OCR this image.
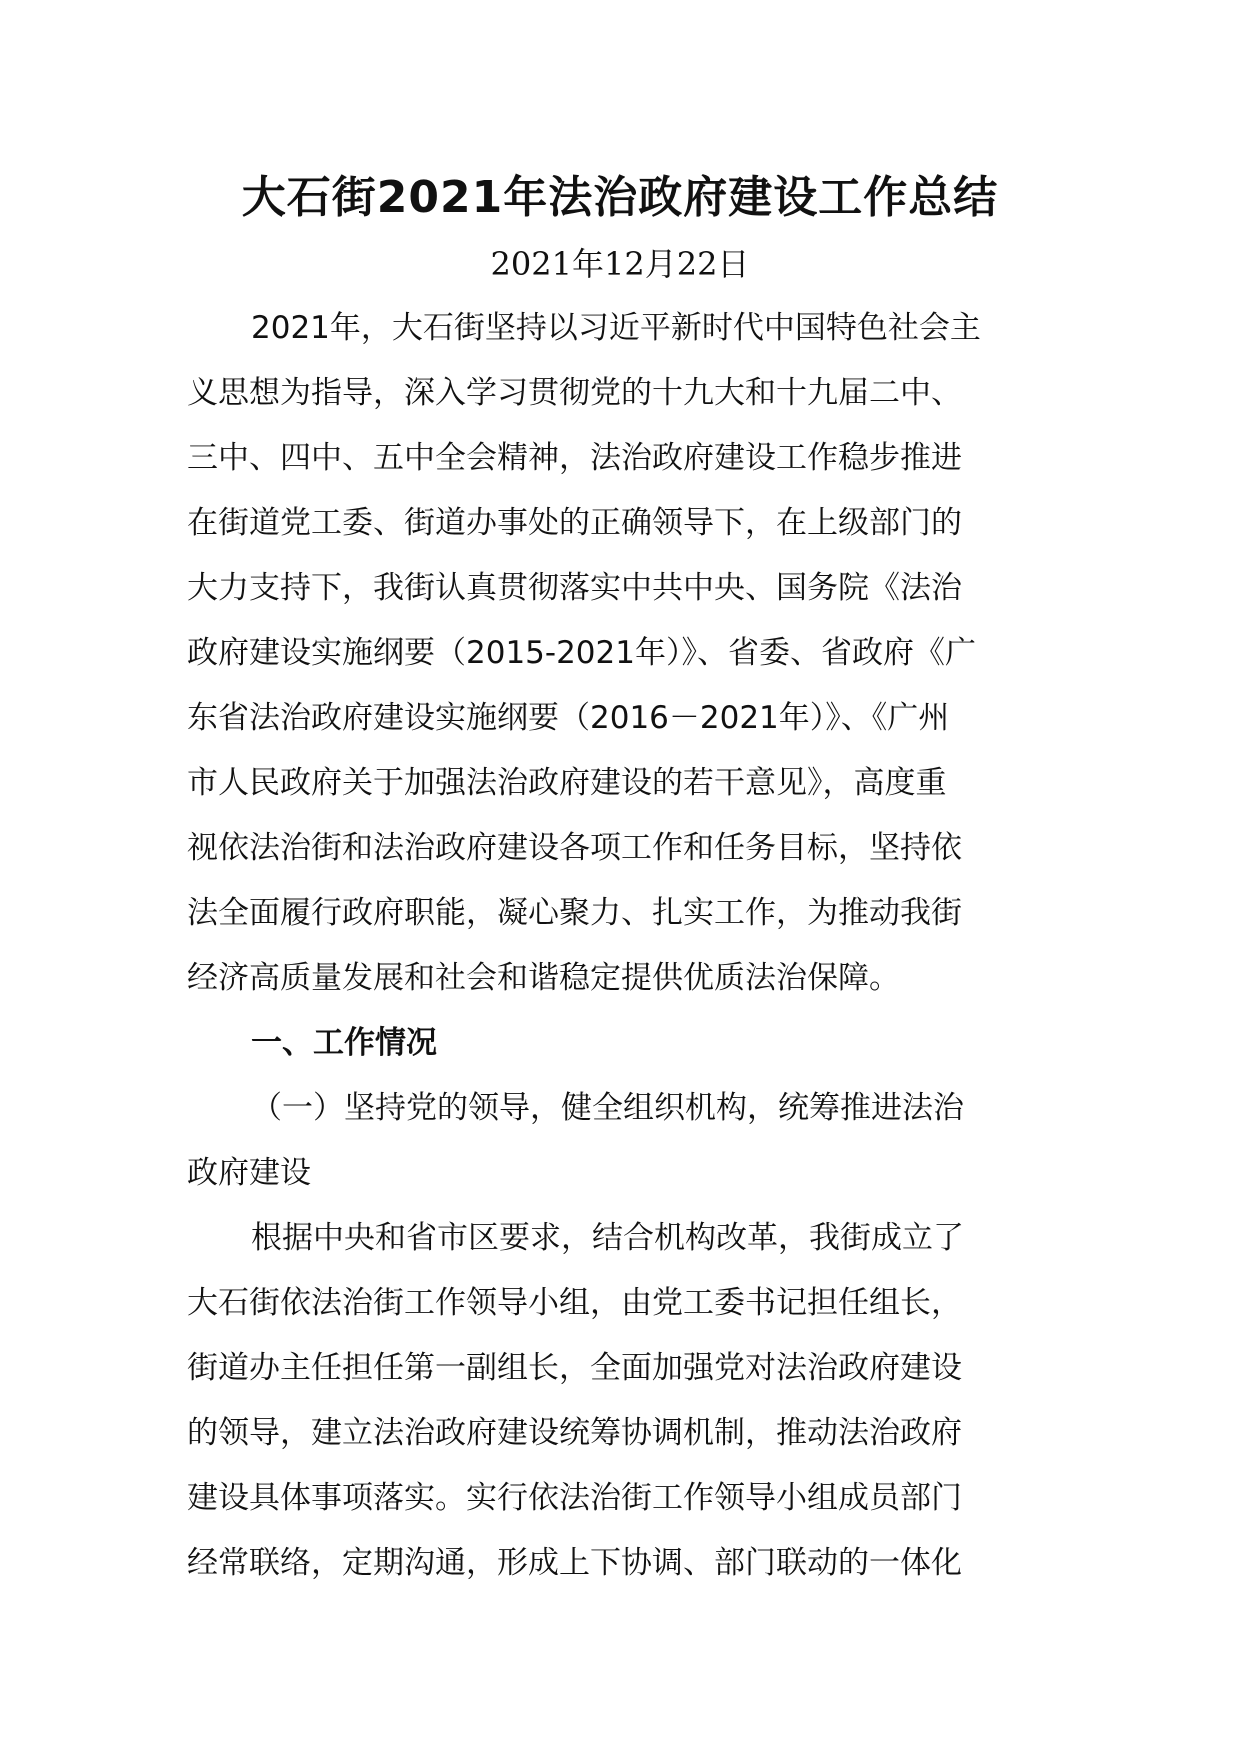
大石街2021年法治政府建设工作总结
2021年12月22日
2021年，大石街坚持以习近平新时代中国特色社会主
义思想为指导，深入学习贯彻党的十九大和十九届二中、
三中、四中、五中全会精神，法治政府建设工作稳步推进
在街道党工委、街道办事处的正确领导下，在上级部门的
大力支持下，我街认真贯彻落实中共中央、国务院《法治
政府建设实施纲要（2015-2021年）》、省委、省政府《广
东省法治政府建设实施纲要（2016－2021年）》、《广州
市人民政府关于加强法治政府建设的若干意见》，高度重
视依法治街和法治政府建设各项工作和任务目标，坚持依
法全面履行政府职能，凝心聚力、扎实工作，为推动我街
经济高质量发展和社会和谐稳定提供优质法治保障。
一、工作情况
（一）坚持党的领导，健全组织机构，统筹推进法治
政府建设
根据中央和省市区要求，结合机构改革，我街成立了
大石街依法治街工作领导小组，由党工委书记担任组长，
街道办主任担任第一副组长，全面加强党对法治政府建设
的领导，建立法治政府建设统筹协调机制，推动法治政府
建设具体事项落实。实行依法治街工作领导小组成员部门
经常联络，定期沟通，形成上下协调、部门联动的一体化
